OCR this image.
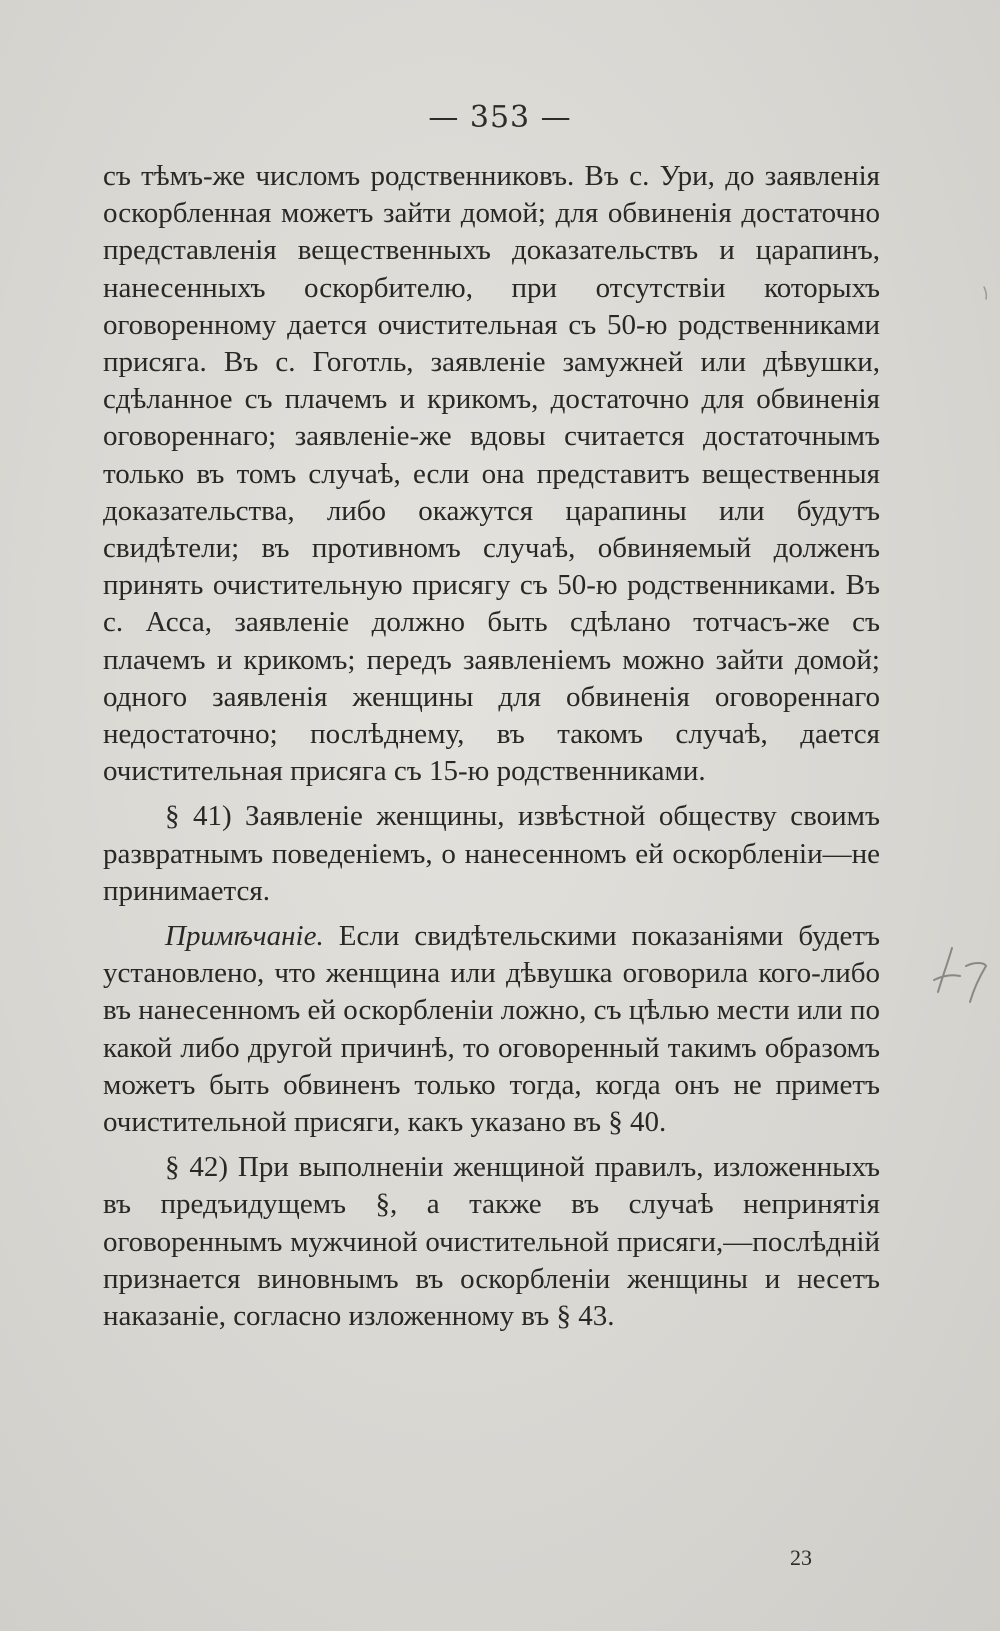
— 353 —

съ тѣмъ-же числомъ родственниковъ. Въ с. Ури, до заявленія оскорбленная можетъ зайти домой; для обвиненія достаточно представленія вещественныхъ доказательствъ и царапинъ, нанесенныхъ оскорбителю, при отсутствіи которыхъ оговоренному дается очистительная съ 50-ю родственниками присяга. Въ с. Гоготль, заявленіе замужней или дѣвушки, сдѣланное съ плачемъ и крикомъ, достаточно для обвиненія оговореннаго; заявленіе-же вдовы считается достаточнымъ только въ томъ случаѣ, если она представитъ вещественныя доказательства, либо окажутся царапины или будутъ свидѣтели; въ противномъ случаѣ, обвиняемый долженъ принять очистительную присягу съ 50-ю родственниками. Въ с. Асса, заявленіе должно быть сдѣлано тотчасъ-же съ плачемъ и крикомъ; передъ заявленіемъ можно зайти домой; одного заявленія женщины для обвиненія оговореннаго недостаточно; послѣднему, въ такомъ случаѣ, дается очистительная присяга съ 15-ю родственниками.

§ 41) Заявленіе женщины, извѣстной обществу своимъ развратнымъ поведеніемъ, о нанесенномъ ей оскорбленіи—не принимается.

Примѣчаніе. Если свидѣтельскими показаніями будетъ установлено, что женщина или дѣвушка оговорила кого-либо въ нанесенномъ ей оскорбленіи ложно, съ цѣлью мести или по какой либо другой причинѣ, то оговоренный такимъ образомъ можетъ быть обвиненъ только тогда, когда онъ не приметъ очистительной присяги, какъ указано въ § 40.

§ 42) При выполненіи женщиной правилъ, изложенныхъ въ предъидущемъ §, а также въ случаѣ непринятія оговореннымъ мужчиной очистительной присяги,—послѣдній признается виновнымъ въ оскорбленіи женщины и несетъ наказаніе, согласно изложенному въ § 43.

23
